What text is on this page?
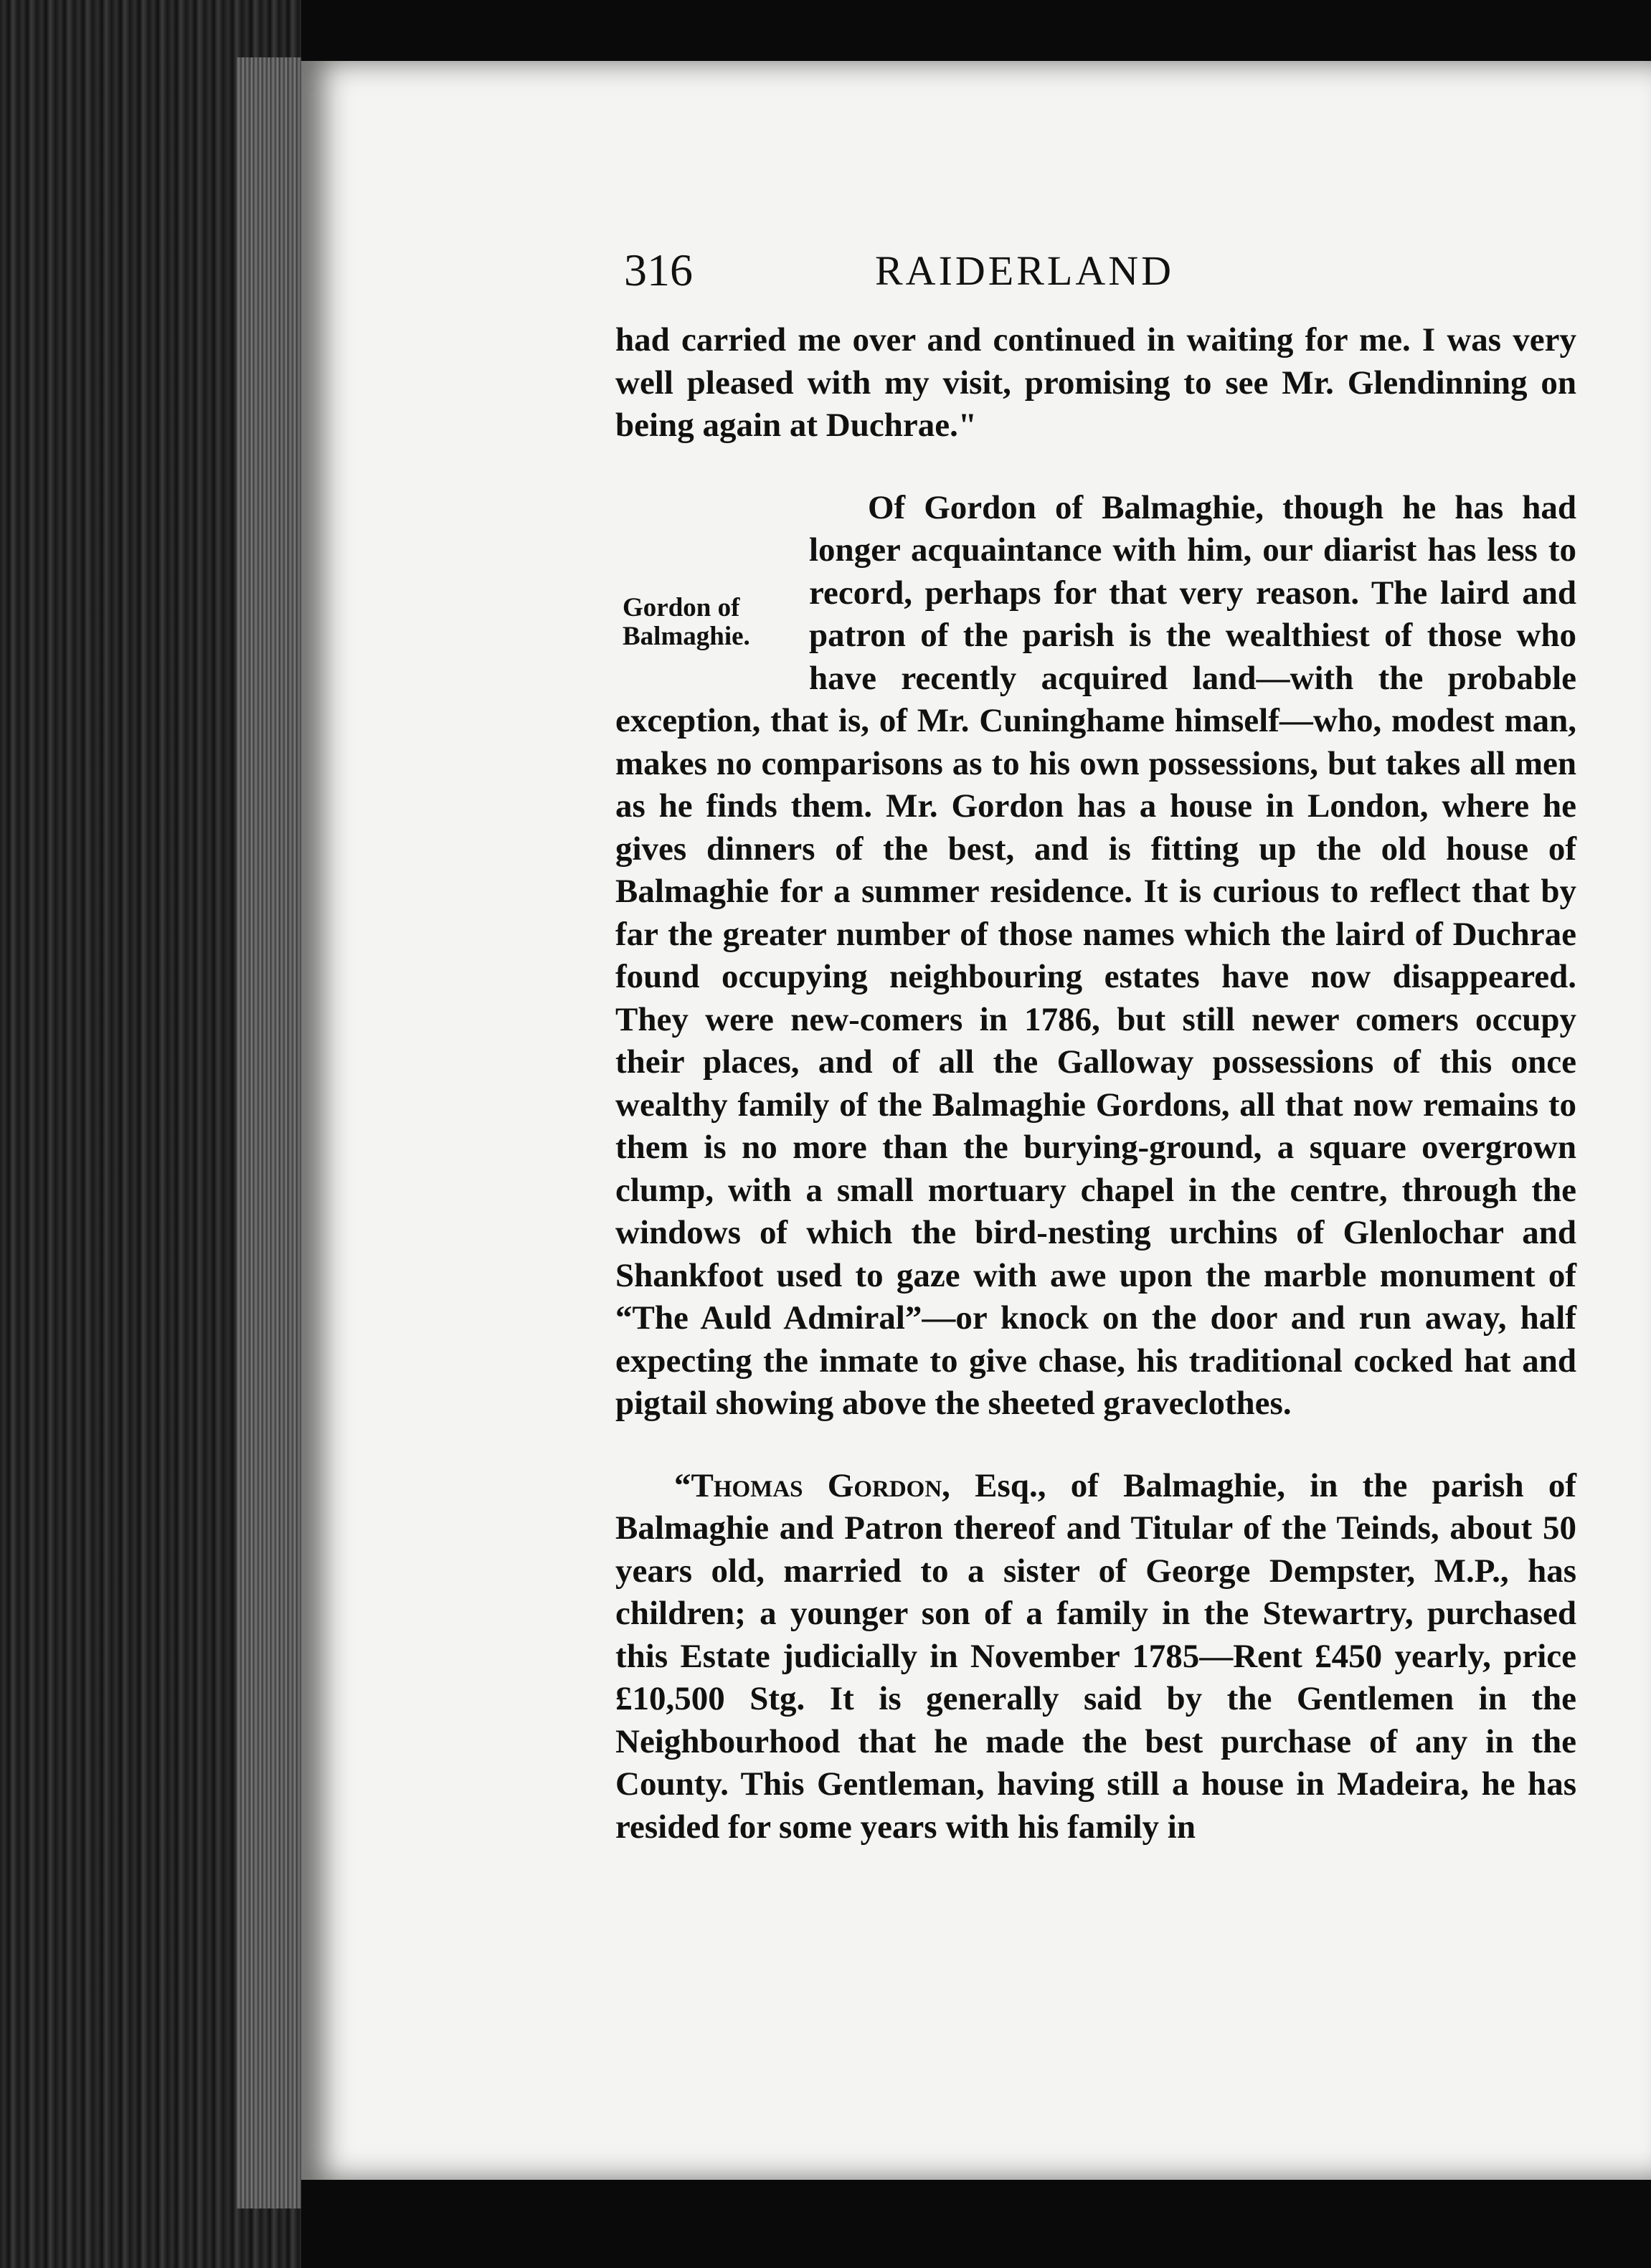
316	RAIDERLAND
Gordon of
Balmaghie.

had carried me over and continued in waiting for me. I was very well pleased with my visit, promising to see Mr. Glendinning on being again at Duchrae."

Of Gordon of Balmaghie, though he has had longer acquaintance with him, our diarist has less to record, perhaps for that very reason. The laird and patron of the parish is the wealthiest of those who have recently acquired land—with the probable exception, that is, of Mr. Cuninghame himself—who, modest man, makes no comparisons as to his own possessions, but takes all men as he finds them. Mr. Gordon has a house in London, where he gives dinners of the best, and is fitting up the old house of Balmaghie for a summer residence. It is curious to reflect that by far the greater number of those names which the laird of Duchrae found occupying neighbouring estates have now disappeared. They were new-comers in 1786, but still newer comers occupy their places, and of all the Galloway possessions of this once wealthy family of the Balmaghie Gordons, all that now remains to them is no more than the burying-ground, a square overgrown clump, with a small mortuary chapel in the centre, through the windows of which the bird-nesting urchins of Glenlochar and Shankfoot used to gaze with awe upon the marble monument of “The Auld Admiral”—or knock on the door and run away, half expecting the inmate to give chase, his traditional cocked hat and pigtail showing above the sheeted graveclothes.

“Thomas Gordon, Esq., of Balmaghie, in the parish of Balmaghie and Patron thereof and Titular of the Teinds, about 50 years old, married to a sister of George Dempster, M.P., has children; a younger son of a family in the Stewartry, purchased this Estate judicially in November 1785—Rent £450 yearly, price £10,500 Stg. It is generally said by the Gentlemen in the Neighbourhood that he made the best purchase of any in the County. This Gentleman, having still a house in Madeira, he has resided for some years with his family in
